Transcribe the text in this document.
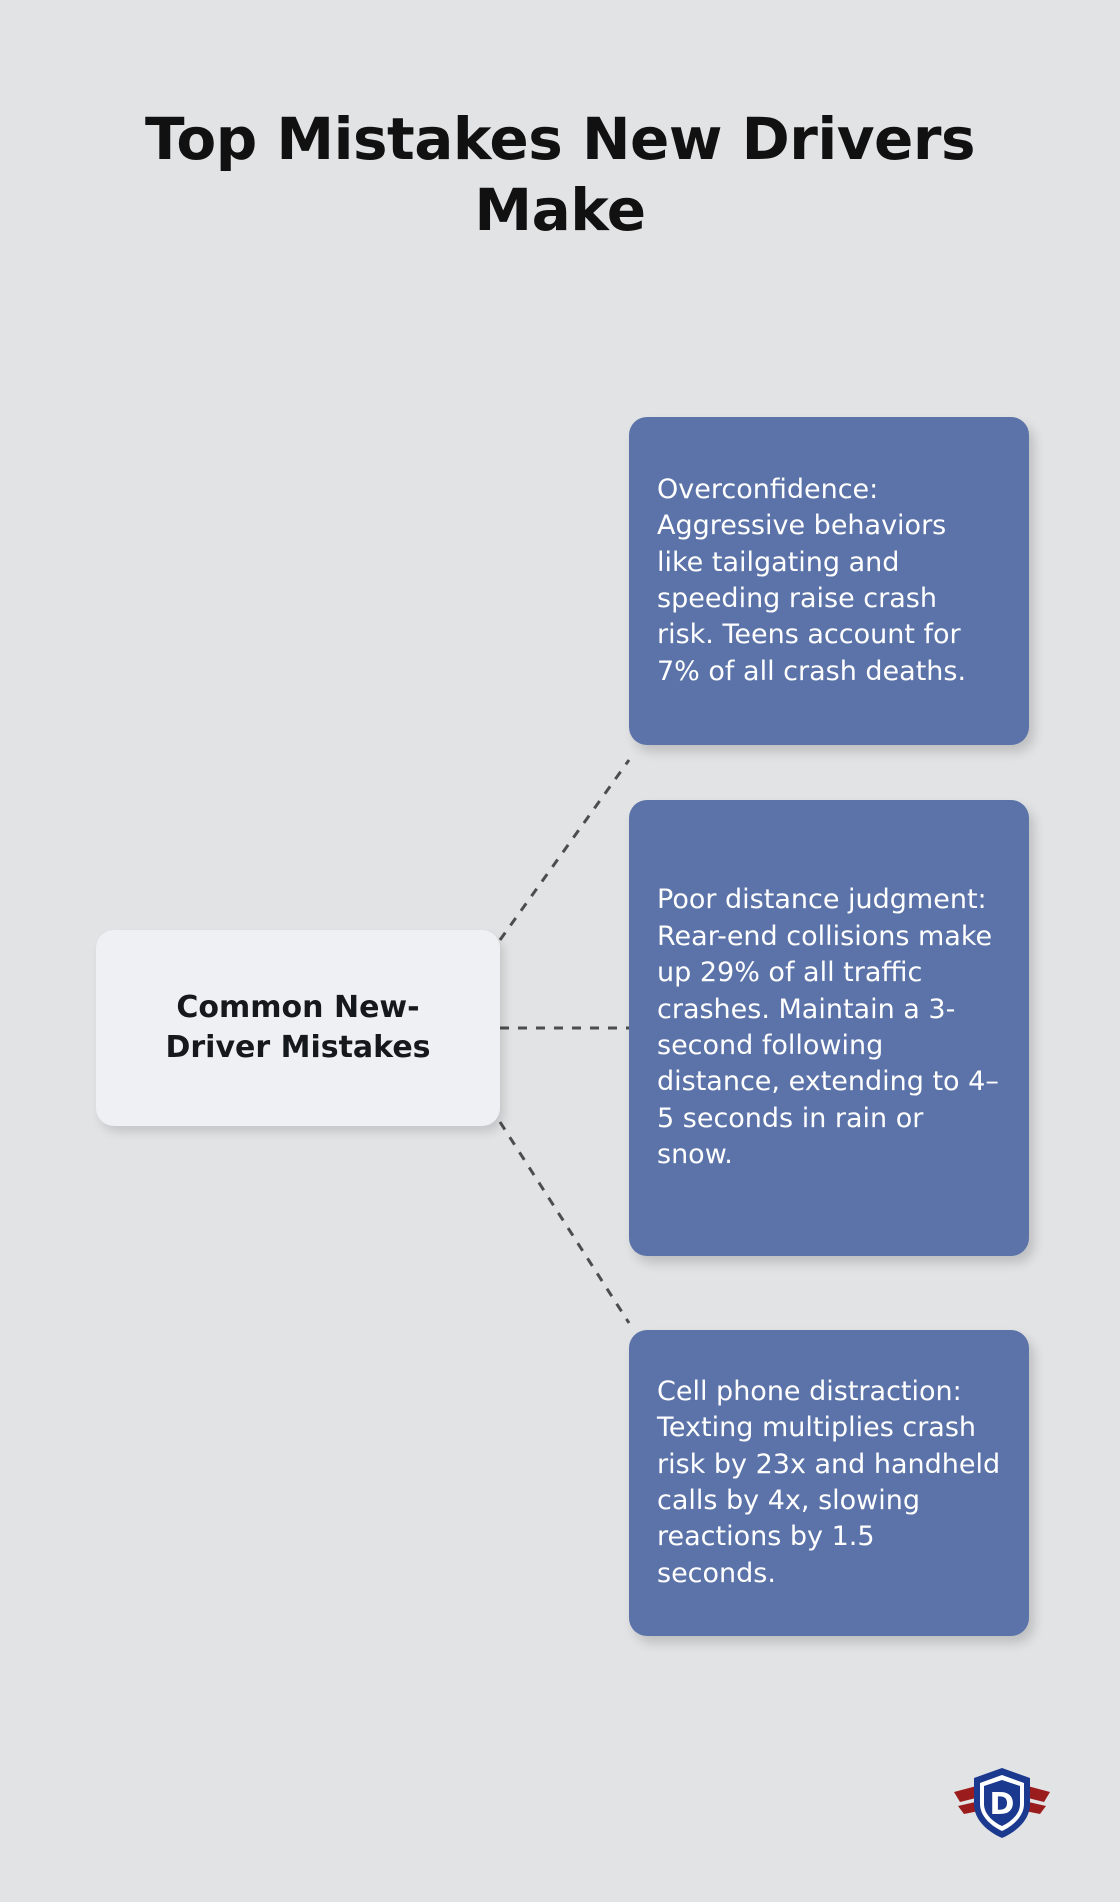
Top Mistakes New Drivers Make
Common New-Driver Mistakes
Overconfidence: Aggressive behaviors like tailgating and speeding raise crash risk. Teens account for 7% of all crash deaths.
Poor distance judgment: Rear-end collisions make up 29% of all traffic crashes. Maintain a 3-second following distance, extending to 4–5 seconds in rain or snow.
Cell phone distraction: Texting multiplies crash risk by 23x and handheld calls by 4x, slowing reactions by 1.5 seconds.
D
